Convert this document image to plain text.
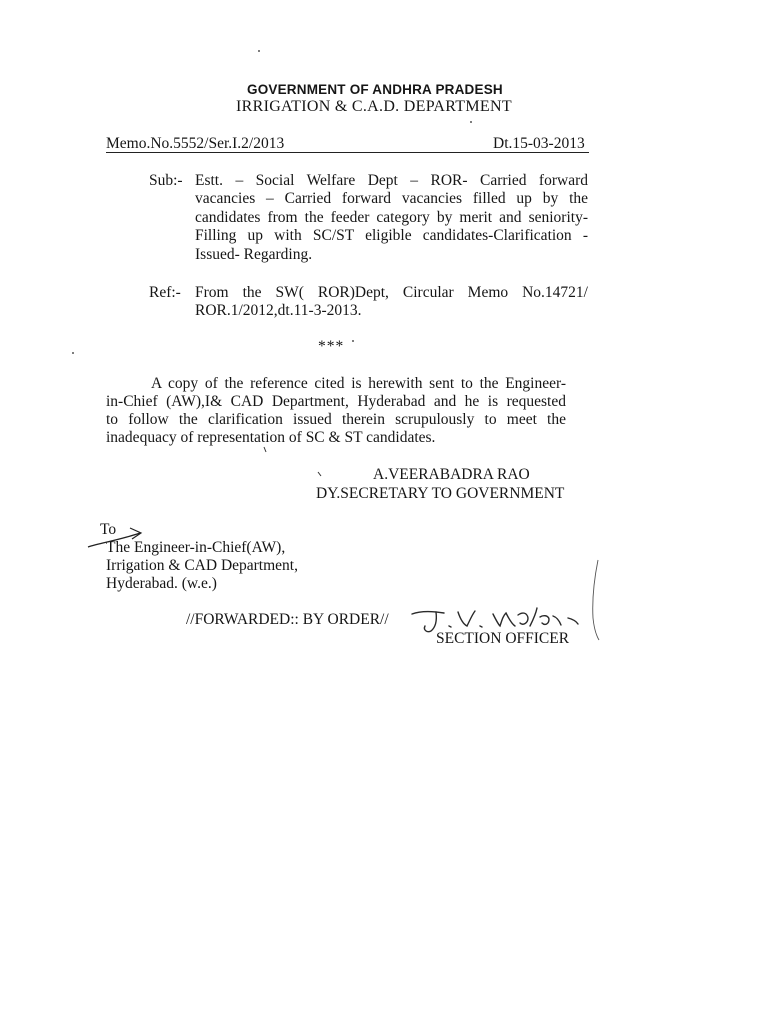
GOVERNMENT OF ANDHRA PRADESH
IRRIGATION & C.A.D. DEPARTMENT
Memo.No.5552/Ser.I.2/2013	Dt.15-03-2013
Sub:- Estt. – Social Welfare Dept – ROR- Carried forward
vacancies – Carried forward vacancies filled up by the
candidates from the feeder category by merit and seniority-
Filling up with SC/ST eligible candidates-Clarification -
Issued- Regarding.
Ref:- From the SW( ROR)Dept, Circular Memo No.14721/
ROR.1/2012,dt.11-3-2013.
***
A copy of the reference cited is herewith sent to the Engineer-
in-Chief (AW),I& CAD Department, Hyderabad and he is requested
to follow the clarification issued therein scrupulously to meet the
inadequacy of representation of SC & ST candidates.
A.VEERABADRA RAO
DY.SECRETARY TO GOVERNMENT
To
The Engineer-in-Chief(AW),
Irrigation & CAD Department,
Hyderabad. (w.e.)
//FORWARDED:: BY ORDER//
SECTION OFFICER
